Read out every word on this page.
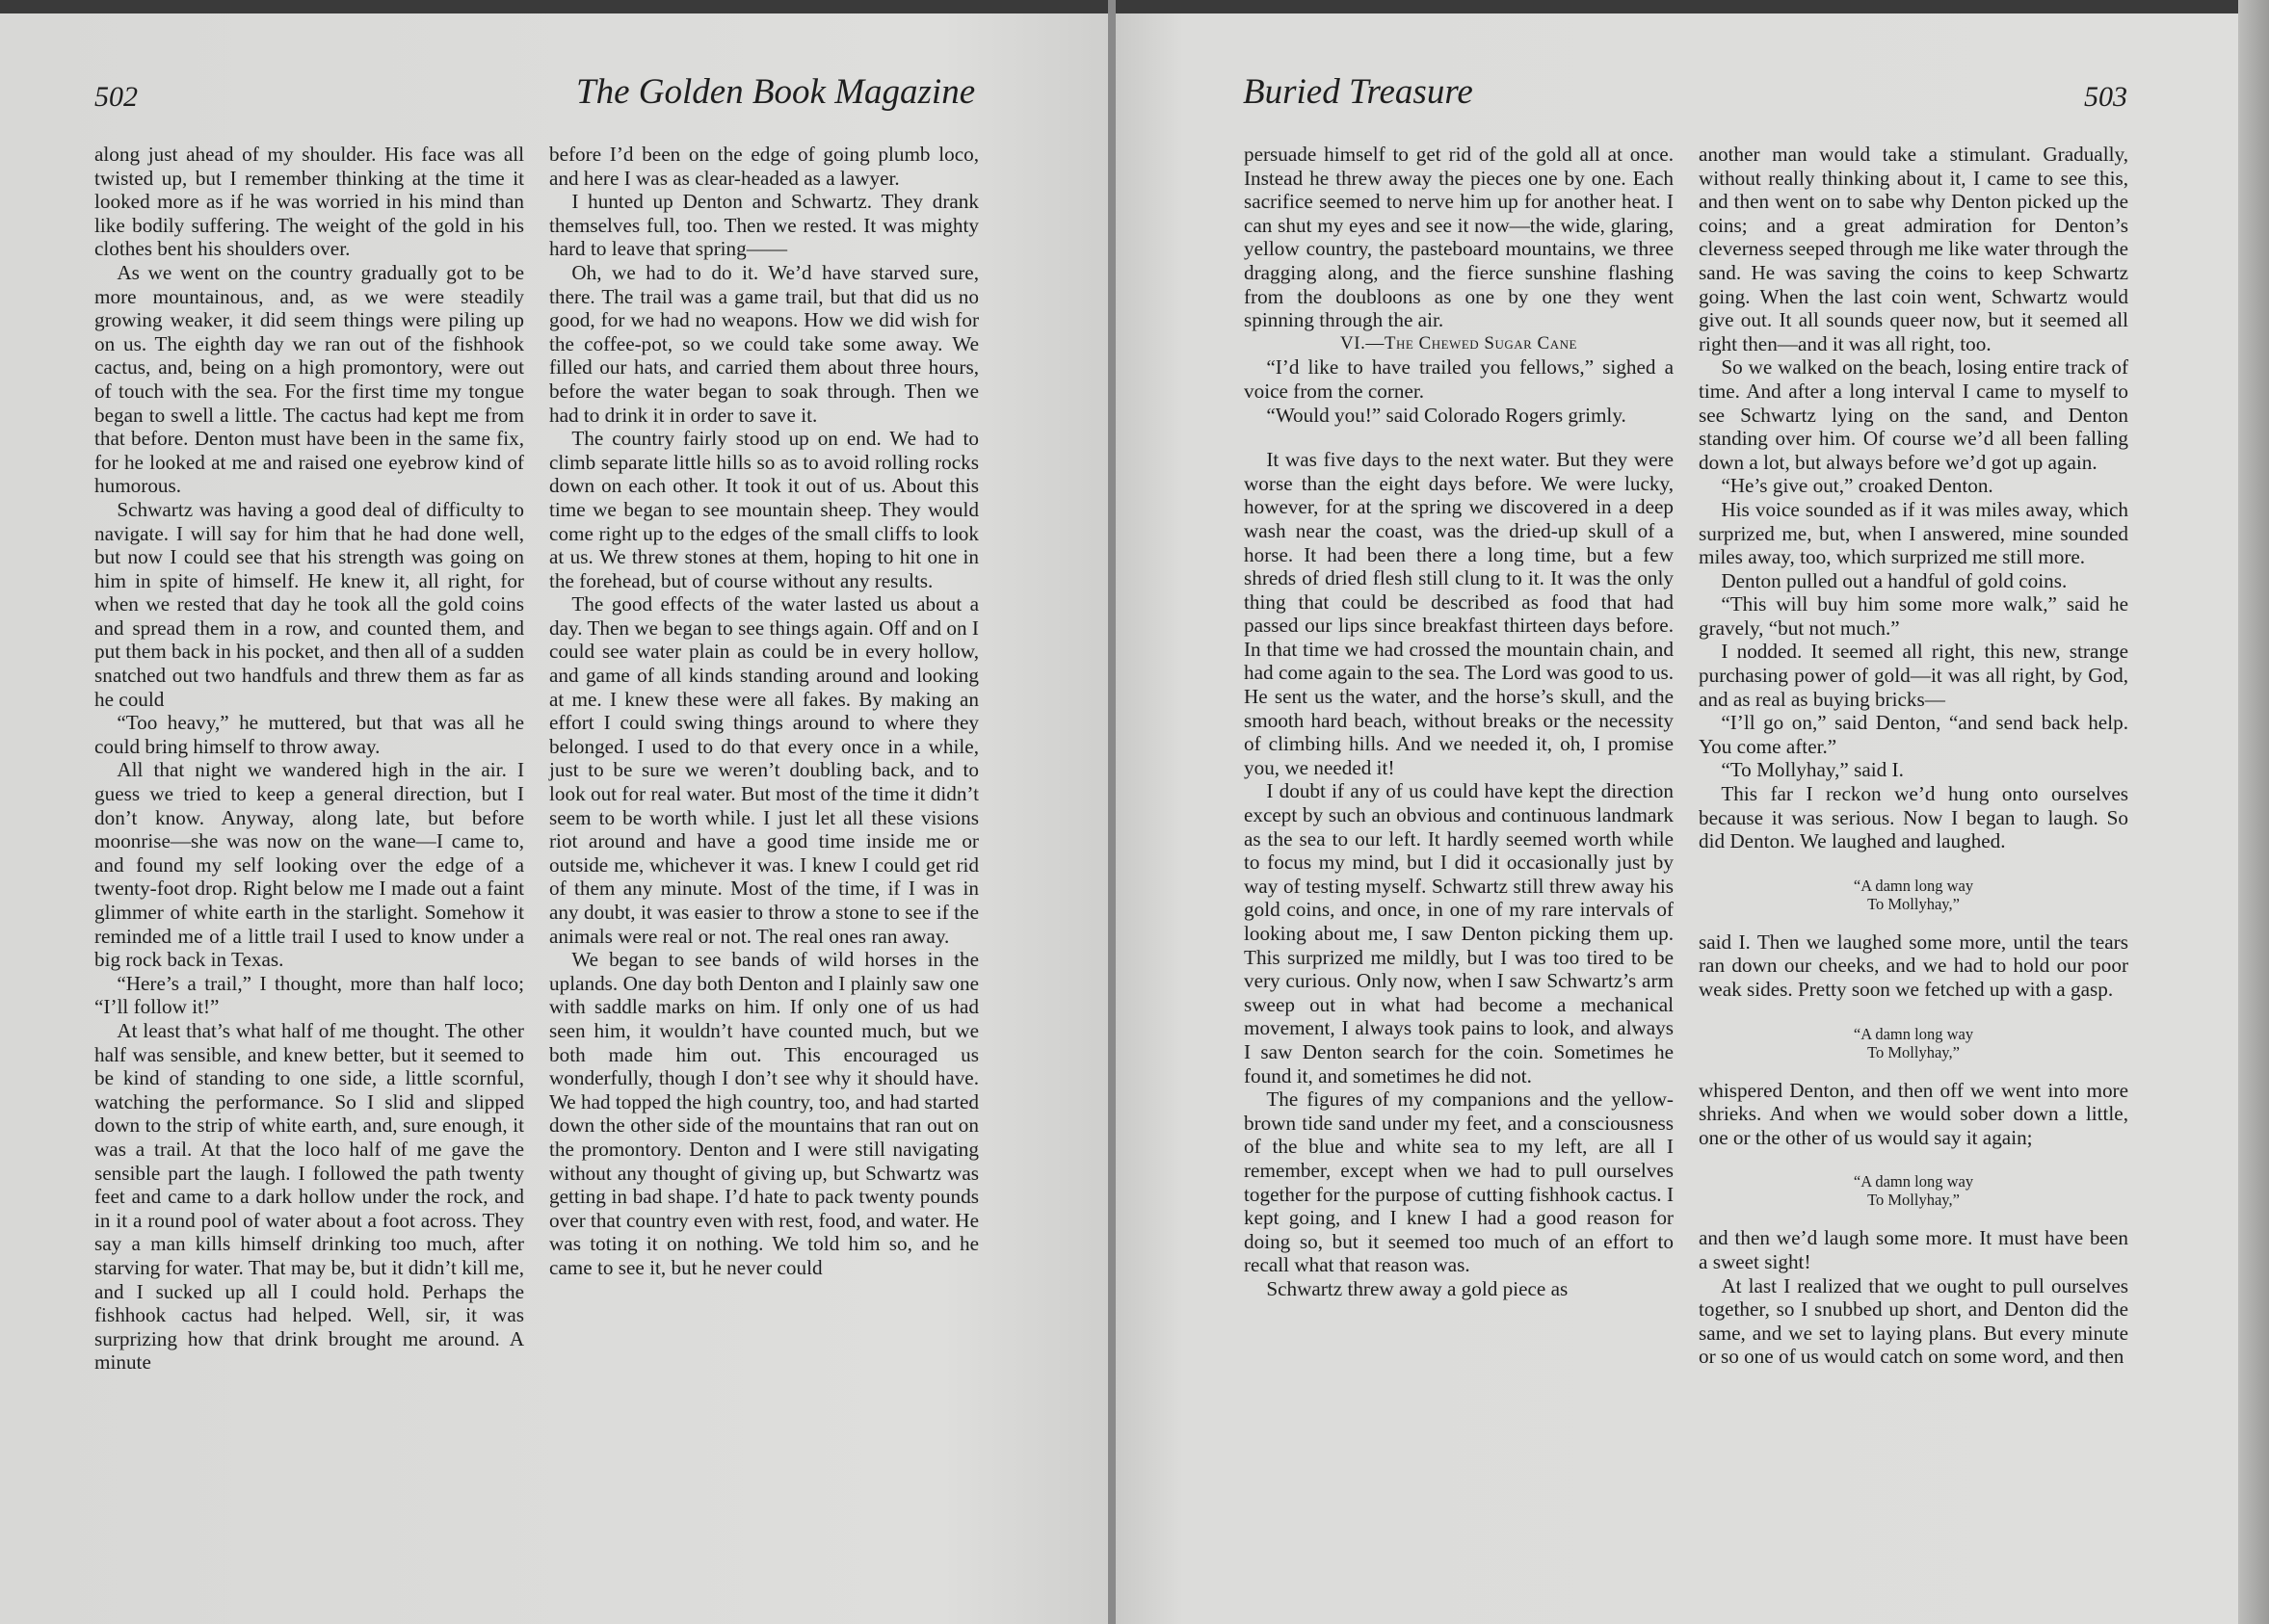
502	The Golden Book Magazine

along just ahead of my shoulder. His face was all twisted up, but I remember thinking at the time it looked more as if he was worried in his mind than like bodily suffering. The weight of the gold in his clothes bent his shoulders over.

As we went on the country gradually got to be more mountainous, and, as we were steadily growing weaker, it did seem things were piling up on us. The eighth day we ran out of the fishhook cactus, and, being on a high promontory, were out of touch with the sea. For the first time my tongue began to swell a little. The cactus had kept me from that before. Denton must have been in the same fix, for he looked at me and raised one eyebrow kind of humorous.

Schwartz was having a good deal of difficulty to navigate. I will say for him that he had done well, but now I could see that his strength was going on him in spite of himself. He knew it, all right, for when we rested that day he took all the gold coins and spread them in a row, and counted them, and put them back in his pocket, and then all of a sudden snatched out two handfuls and threw them as far as he could

“Too heavy,” he muttered, but that was all he could bring himself to throw away.

All that night we wandered high in the air. I guess we tried to keep a general direction, but I don’t know. Anyway, along late, but before moonrise—she was now on the wane—I came to, and found my self looking over the edge of a twenty-foot drop. Right below me I made out a faint glimmer of white earth in the starlight. Somehow it reminded me of a little trail I used to know under a big rock back in Texas.

“Here’s a trail,” I thought, more than half loco; “I’ll follow it!”

At least that’s what half of me thought. The other half was sensible, and knew better, but it seemed to be kind of standing to one side, a little scornful, watching the performance. So I slid and slipped down to the strip of white earth, and, sure enough, it was a trail. At that the loco half of me gave the sensible part the laugh. I followed the path twenty feet and came to a dark hollow under the rock, and in it a round pool of water about a foot across. They say a man kills himself drinking too much, after starving for water. That may be, but it didn’t kill me, and I sucked up all I could hold. Perhaps the fishhook cactus had helped. Well, sir, it was surprizing how that drink brought me around. A minute

before I’d been on the edge of going plumb loco, and here I was as clear-headed as a lawyer.

I hunted up Denton and Schwartz. They drank themselves full, too. Then we rested. It was mighty hard to leave that spring——

Oh, we had to do it. We’d have starved sure, there. The trail was a game trail, but that did us no good, for we had no weapons. How we did wish for the coffee-pot, so we could take some away. We filled our hats, and carried them about three hours, before the water began to soak through. Then we had to drink it in order to save it.

The country fairly stood up on end. We had to climb separate little hills so as to avoid rolling rocks down on each other. It took it out of us. About this time we began to see mountain sheep. They would come right up to the edges of the small cliffs to look at us. We threw stones at them, hoping to hit one in the forehead, but of course without any results.

The good effects of the water lasted us about a day. Then we began to see things again. Off and on I could see water plain as could be in every hollow, and game of all kinds standing around and looking at me. I knew these were all fakes. By making an effort I could swing things around to where they belonged. I used to do that every once in a while, just to be sure we weren’t doubling back, and to look out for real water. But most of the time it didn’t seem to be worth while. I just let all these visions riot around and have a good time inside me or outside me, whichever it was. I knew I could get rid of them any minute. Most of the time, if I was in any doubt, it was easier to throw a stone to see if the animals were real or not. The real ones ran away.

We began to see bands of wild horses in the uplands. One day both Denton and I plainly saw one with saddle marks on him. If only one of us had seen him, it wouldn’t have counted much, but we both made him out. This encouraged us wonderfully, though I don’t see why it should have. We had topped the high country, too, and had started down the other side of the mountains that ran out on the promontory. Denton and I were still navigating without any thought of giving up, but Schwartz was getting in bad shape. I’d hate to pack twenty pounds over that country even with rest, food, and water. He was toting it on nothing. We told him so, and he came to see it, but he never could

Buried Treasure	503

persuade himself to get rid of the gold all at once. Instead he threw away the pieces one by one. Each sacrifice seemed to nerve him up for another heat. I can shut my eyes and see it now—the wide, glaring, yellow country, the pasteboard mountains, we three dragging along, and the fierce sunshine flashing from the doubloons as one by one they went spinning through the air.

VI.—The Chewed Sugar Cane

“I’d like to have trailed you fellows,” sighed a voice from the corner.

“Would you!” said Colorado Rogers grimly.

It was five days to the next water. But they were worse than the eight days before. We were lucky, however, for at the spring we discovered in a deep wash near the coast, was the dried-up skull of a horse. It had been there a long time, but a few shreds of dried flesh still clung to it. It was the only thing that could be described as food that had passed our lips since breakfast thirteen days before. In that time we had crossed the mountain chain, and had come again to the sea. The Lord was good to us. He sent us the water, and the horse’s skull, and the smooth hard beach, without breaks or the necessity of climbing hills. And we needed it, oh, I promise you, we needed it!

I doubt if any of us could have kept the direction except by such an obvious and continuous landmark as the sea to our left. It hardly seemed worth while to focus my mind, but I did it occasionally just by way of testing myself. Schwartz still threw away his gold coins, and once, in one of my rare intervals of looking about me, I saw Denton picking them up. This surprized me mildly, but I was too tired to be very curious. Only now, when I saw Schwartz’s arm sweep out in what had become a mechanical movement, I always took pains to look, and always I saw Denton search for the coin. Sometimes he found it, and sometimes he did not.

The figures of my companions and the yellow-brown tide sand under my feet, and a consciousness of the blue and white sea to my left, are all I remember, except when we had to pull ourselves together for the purpose of cutting fishhook cactus. I kept going, and I knew I had a good reason for doing so, but it seemed too much of an effort to recall what that reason was.

Schwartz threw away a gold piece as

another man would take a stimulant. Gradually, without really thinking about it, I came to see this, and then went on to sabe why Denton picked up the coins; and a great admiration for Denton’s cleverness seeped through me like water through the sand. He was saving the coins to keep Schwartz going. When the last coin went, Schwartz would give out. It all sounds queer now, but it seemed all right then—and it was all right, too.

So we walked on the beach, losing entire track of time. And after a long interval I came to myself to see Schwartz lying on the sand, and Denton standing over him. Of course we’d all been falling down a lot, but always before we’d got up again.

“He’s give out,” croaked Denton.

His voice sounded as if it was miles away, which surprized me, but, when I answered, mine sounded miles away, too, which surprized me still more.

Denton pulled out a handful of gold coins.

“This will buy him some more walk,” said he gravely, “but not much.”

I nodded. It seemed all right, this new, strange purchasing power of gold—it was all right, by God, and as real as buying bricks—

“I’ll go on,” said Denton, “and send back help. You come after.”

“To Mollyhay,” said I.

This far I reckon we’d hung onto ourselves because it was serious. Now I began to laugh. So did Denton. We laughed and laughed.

“A damn long way
To Mollyhay,”

said I. Then we laughed some more, until the tears ran down our cheeks, and we had to hold our poor weak sides. Pretty soon we fetched up with a gasp.

“A damn long way
To Mollyhay,”

whispered Denton, and then off we went into more shrieks. And when we would sober down a little, one or the other of us would say it again;

“A damn long way
To Mollyhay,”

and then we’d laugh some more. It must have been a sweet sight!

At last I realized that we ought to pull ourselves together, so I snubbed up short, and Denton did the same, and we set to laying plans. But every minute or so one of us would catch on some word, and then
